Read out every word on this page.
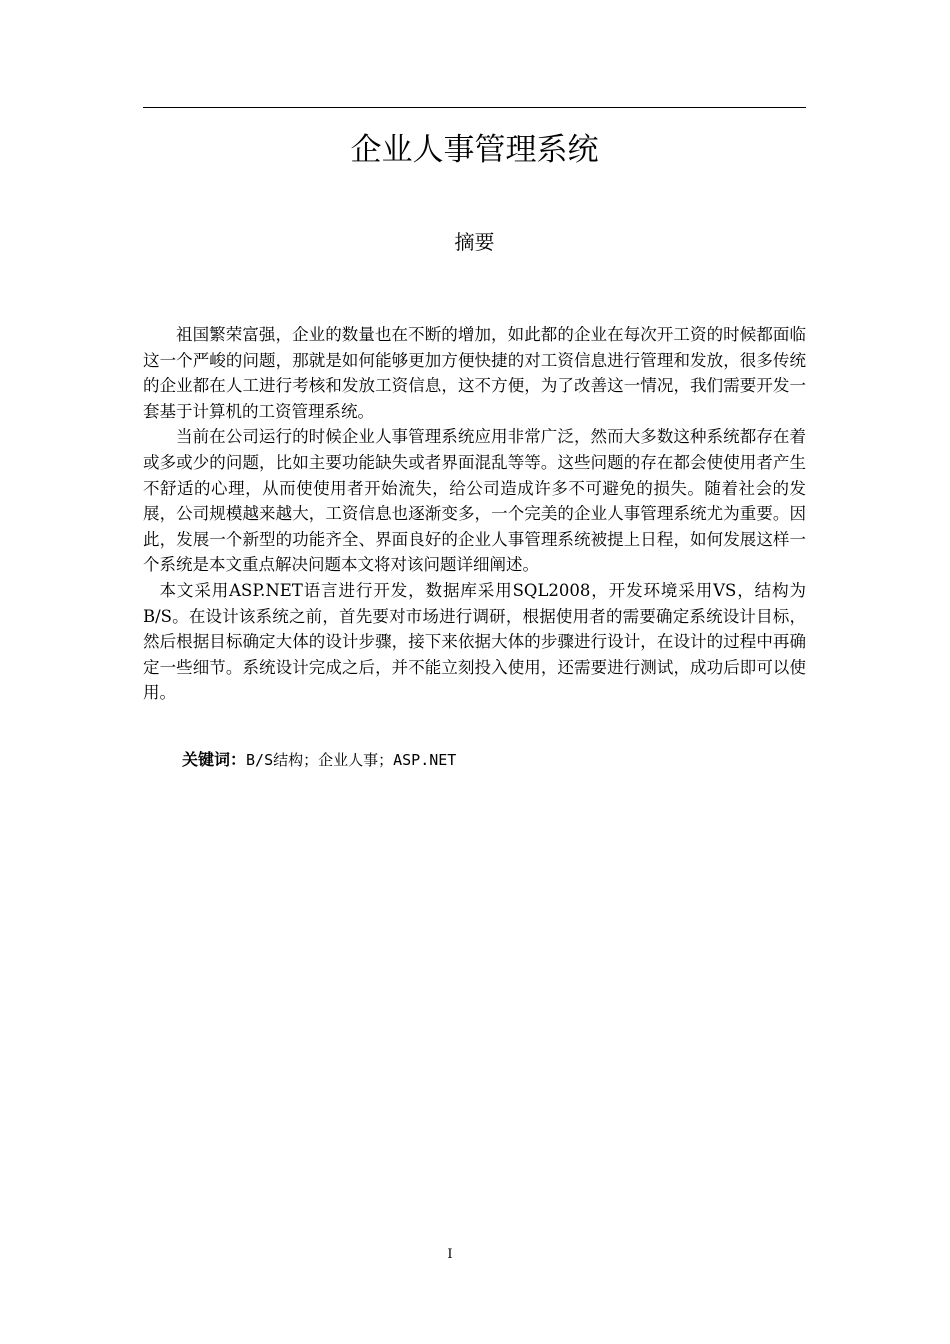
企业人事管理系统
摘要

祖国繁荣富强，企业的数量也在不断的增加，如此都的企业在每次开工资的时候都面临这一个严峻的问题，那就是如何能够更加方便快捷的对工资信息进行管理和发放，很多传统的企业都在人工进行考核和发放工资信息，这不方便，为了改善这一情况，我们需要开发一套基于计算机的工资管理系统。

当前在公司运行的时候企业人事管理系统应用非常广泛，然而大多数这种系统都存在着或多或少的问题，比如主要功能缺失或者界面混乱等等。这些问题的存在都会使使用者产生不舒适的心理，从而使使用者开始流失，给公司造成许多不可避免的损失。随着社会的发展，公司规模越来越大，工资信息也逐渐变多，一个完美的企业人事管理系统尤为重要。因此，发展一个新型的功能齐全、界面良好的企业人事管理系统被提上日程，如何发展这样一个系统是本文重点解决问题本文将对该问题详细阐述。

本文采用ASP.NET语言进行开发，数据库采用SQL2008，开发环境采用VS，结构为B/S。在设计该系统之前，首先要对市场进行调研，根据使用者的需要确定系统设计目标，然后根据目标确定大体的设计步骤，接下来依据大体的步骤进行设计，在设计的过程中再确定一些细节。系统设计完成之后，并不能立刻投入使用，还需要进行测试，成功后即可以使用。

关键词：B/S结构；企业人事；ASP.NET
I
